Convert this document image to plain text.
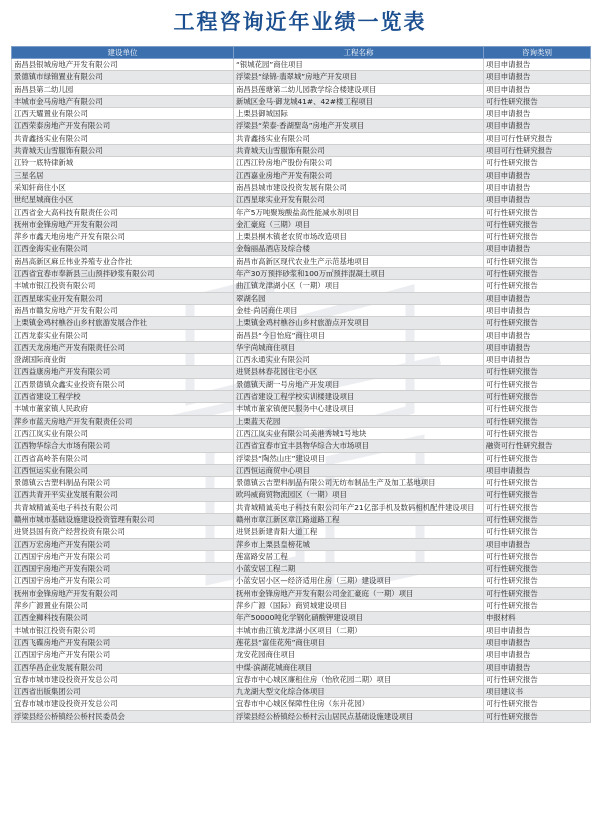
工程咨询近年业绩一览表
建设单位	工程名称	咨询类别
南昌县银城房地产开发有限公司	“银城花园”商住项目	项目申请报告
景德镇市绿锦置业有限公司	浮梁县“绿锦·翡翠城”房地产开发项目	项目申请报告
南昌县第二幼儿园	南昌县莲塘第二幼儿园教学综合楼建设项目	项目申请报告
丰城市金马房地产有限公司	新城区金马·御龙城41#、42#楼工程项目	可行性研究报告
江西天耀置业有限公司	上栗县御城国际	项目申请报告
江西荣泰房地产开发有限公司	浮梁县“荣泰·香湖聖岛”房地产开发项目	项目申请报告
共青鑫扬实业有限公司	共青鑫扬实业有限公司	项目可行性研究报告
共青城天山雪服饰有限公司	共青城天山雪服饰有限公司	项目可行性研究报告
江铃一底特律新城	江西江铃房地产股份有限公司	可行性研究报告
三星名居	江西嘉业房地产开发有限公司	项目申请报告
采知轩商住小区	南昌县城市建设投资发展有限公司	项目申请报告
世纪星城商住小区	江西星球实业开发有限公司	项目申请报告
江西省金大高科技有限责任公司	年产5万吨聚羧酸盐高性能减水剂项目	可行性研究报告
抚州市金锋房地产开发有限公司	金汇豪庭（三期）项目	可行性研究报告
萍乡市鑫天地房地产开发有限公司	上栗县桐木镇老农贸市场改造项目	可行性研究报告
江西金海实业有限公司	金翰丽晶酒店及综合楼	项目申请报告
南昌高新区麻丘伟业养殖专业合作社	南昌市高新区现代农业生产示范基地项目	可行性研究报告
江西省宜春市奉新县三山预拌砂浆有限公司	年产30万预拌砂浆和100万㎡预拌混凝土项目	可行性研究报告
丰城市银江投资有限公司	曲江镇龙津湖小区（一期）项目	可行性研究报告
江西星球实业开发有限公司	翠湖名园	项目申请报告
南昌市赣发房地产开发有限公司	金桂·尚居商住项目	项目申请报告
上栗镇金鸡村樵谷山乡村旅游发展合作社	上栗镇金鸡村樵谷山乡村旅游点开发项目	可行性研究报告
江西龙泰实业有限公司	南昌县“今日怡庭”商住项目	项目申请报告
江西天龙房地产开发有限责任公司	华宇尚城商住项目	项目申请报告
澄湖国际商业街	江西永通实业有限公司	项目申请报告
江西益康房地产开发有限公司	进贤县林春花园住宅小区	可行性研究报告
江西景德镇众鑫实业投资有限公司	景德镇天湖一号房地产开发项目	可行性研究报告
江西省建设工程学校	江西省建设工程学校实训楼建设项目	可行性研究报告
丰城市董家镇人民政府	丰城市董家镇便民服务中心建设项目	可行性研究报告
萍乡市蓝天房地产开发有限责任公司	上栗蓝天花园	可行性研究报告
江西江岚实业有限公司	江西江岚实业有限公司美港秀城1号地块	可行性研究报告
江西物华综合大市场有限公司	江西省宜春市宜丰县物华综合大市场项目	融资可行性研究报告
江西省高岭茶有限公司	浮梁县“陶然山庄”建设项目	可行性研究报告
江西恒运实业有限公司	江西恒运商贸中心项目	项目申请报告
景德镇云吉塑料制品有限公司	景德镇云吉塑料制品有限公司无纺布制品生产及加工基地项目	可行性研究报告
江西共青开平实业发展有限公司	欧玛威商贸物流园区（一期）项目	可行性研究报告
共青城精诚美电子科技有限公司	共青城精诚美电子科技有限公司年产21亿部手机及数码相机配件建设项目	可行性研究报告
赣州市城市基础设施建设投资管理有限公司	赣州市章江新区章江路道路工程	可行性研究报告
进贤县国有资产经营投资有限公司	进贤县新建青阳大道工程	可行性研究报告
江西万宏房地产开发有限公司	萍乡市上栗县皇榜花城	项目申请报告
江西国宇房地产开发有限公司	莲富路安居工程	可行性研究报告
江西国宇房地产开发有限公司	小蓝安居工程二期	可行性研究报告
江西国宇房地产开发有限公司	小蓝安居小区—经济适用住房（三期）建设项目	可行性研究报告
抚州市金锋房地产开发有限公司	抚州市金锋房地产开发有限公司金汇豪庭（一期）项目	可行性研究报告
萍乡广源置业有限公司	萍乡广源（国际）商贸城建设项目	可行性研究报告
江西金狮科技有限公司	年产50000吨化学钢化硝酸钾建设项目	申报材料
丰城市银江投资有限公司	丰城市曲江镇龙津湖小区项目（二期）	项目申请报告
江西飞碟房地产开发有限公司	莲花县“富佳花苑”商住项目	项目申请报告
江西国宇房地产开发有限公司	龙安花园商住项目	项目申请报告
江西华昌企业发展有限公司	中煤·滨湖花城商住项目	项目申请报告
宜春市城市建设投资开发总公司	宜春市中心城区廉租住房（怡欣花园二期）项目	可行性研究报告
江西省出版集团公司	九龙湖大型文化综合体项目	项目建议书
宜春市城市建设投资开发总公司	宜春市中心城区保障性住房（东升花园）	可行性研究报告
浮梁县经公桥镇经公桥村民委员会	浮梁县经公桥镇经公桥村云山居民点基础设施建设项目	可行性研究报告
